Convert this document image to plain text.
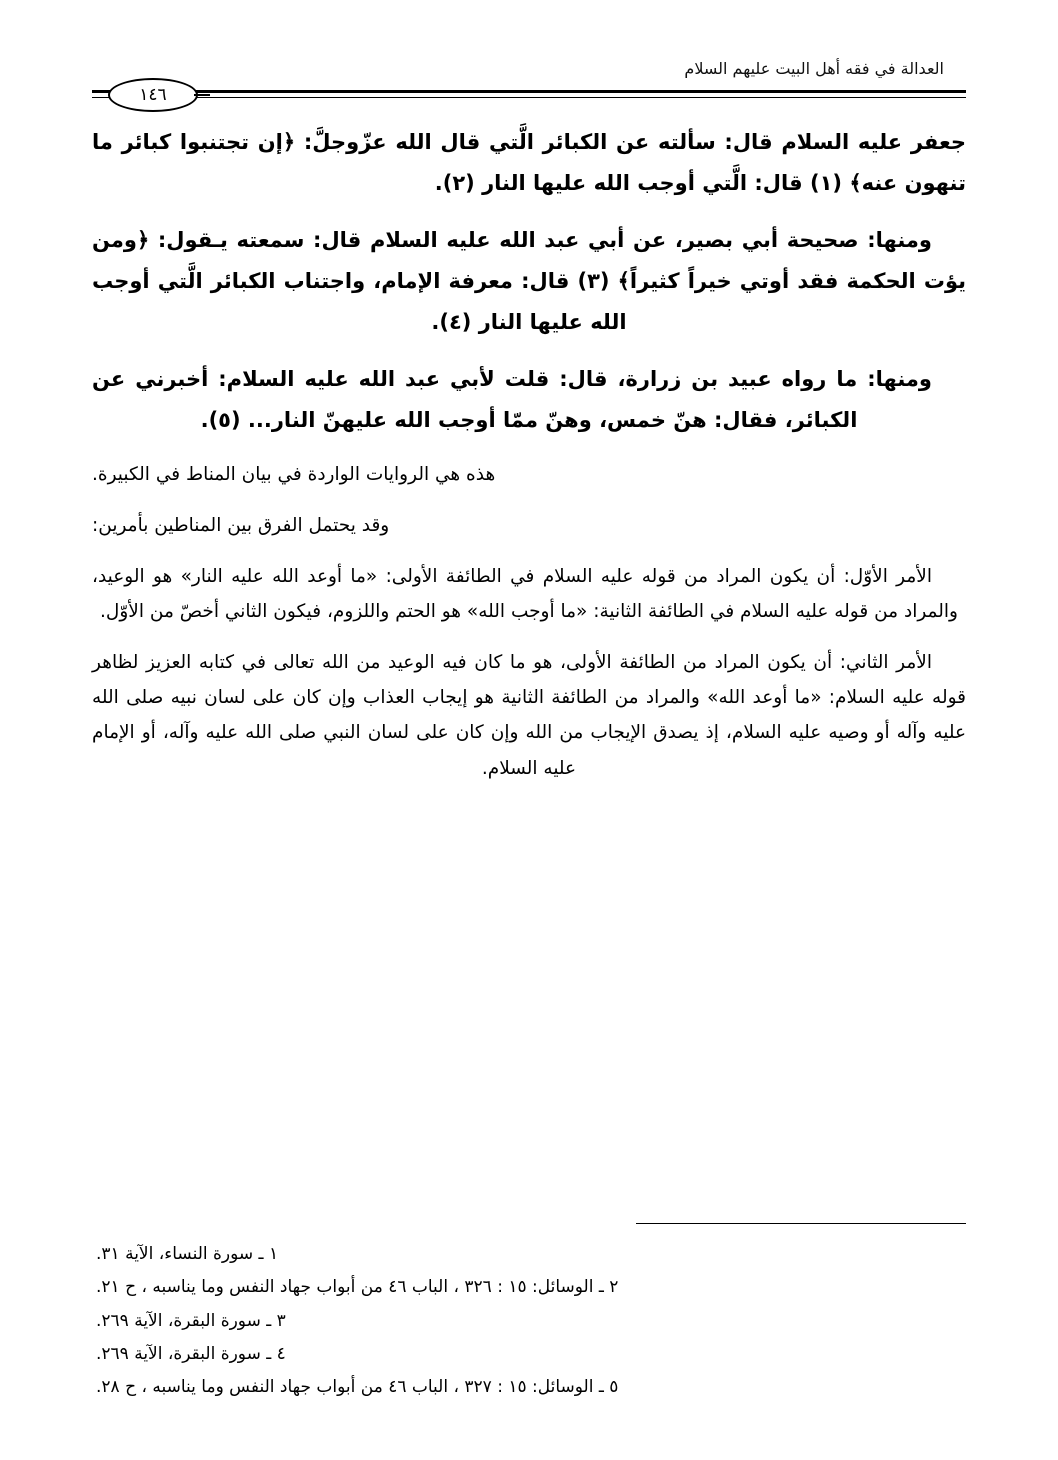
العدالة في فقه أهل البيت عليهم السلام
١٤٦

جعفر عليه السلام قال: سألته عن الكبائر الَّتي قال الله عزّوجلَّ: ﴿إن تجتنبوا كبائر ما تنهون عنه﴾ (١) قال: الَّتي أوجب الله عليها النار (٢).

ومنها: صحيحة أبي بصير، عن أبي عبد الله عليه السلام قال: سمعته يـقول: ﴿ومن يؤت الحكمة فقد أوتي خيراً كثيراً﴾ (٣) قال: معرفة الإمام، واجتناب الكبائر الَّتي أوجب الله عليها النار (٤).

ومنها: ما رواه عبيد بن زرارة، قال: قلت لأبي عبد الله عليه السلام: أخبرني عن الكبائر، فقال: هنّ خمس، وهنّ ممّا أوجب الله عليهنّ النار... (٥).

هذه هي الروايات الواردة في بيان المناط في الكبيرة.

وقد يحتمل الفرق بين المناطين بأمرين:

الأمر الأوّل: أن يكون المراد من قوله عليه السلام في الطائفة الأولى: «ما أوعد الله عليه النار» هو الوعيد، والمراد من قوله عليه السلام في الطائفة الثانية: «ما أوجب الله» هو الحتم واللزوم، فيكون الثاني أخصّ من الأوّل.

الأمر الثاني: أن يكون المراد من الطائفة الأولى، هو ما كان فيه الوعيد من الله تعالى في كتابه العزيز لظاهر قوله عليه السلام: «ما أوعد الله» والمراد من الطائفة الثانية هو إيجاب العذاب وإن كان على لسان نبيه صلى الله عليه وآله أو وصيه عليه السلام، إذ يصدق الإيجاب من الله وإن كان على لسان النبي صلى الله عليه وآله، أو الإمام عليه السلام.

١ ـ سورة النساء، الآية ٣١.
٢ ـ الوسائل: ١٥ : ٣٢٦ ، الباب ٤٦ من أبواب جهاد النفس وما يناسبه ، ح ٢١.
٣ ـ سورة البقرة، الآية ٢٦٩.
٤ ـ سورة البقرة، الآية ٢٦٩.
٥ ـ الوسائل: ١٥ : ٣٢٧ ، الباب ٤٦ من أبواب جهاد النفس وما يناسبه ، ح ٢٨.
